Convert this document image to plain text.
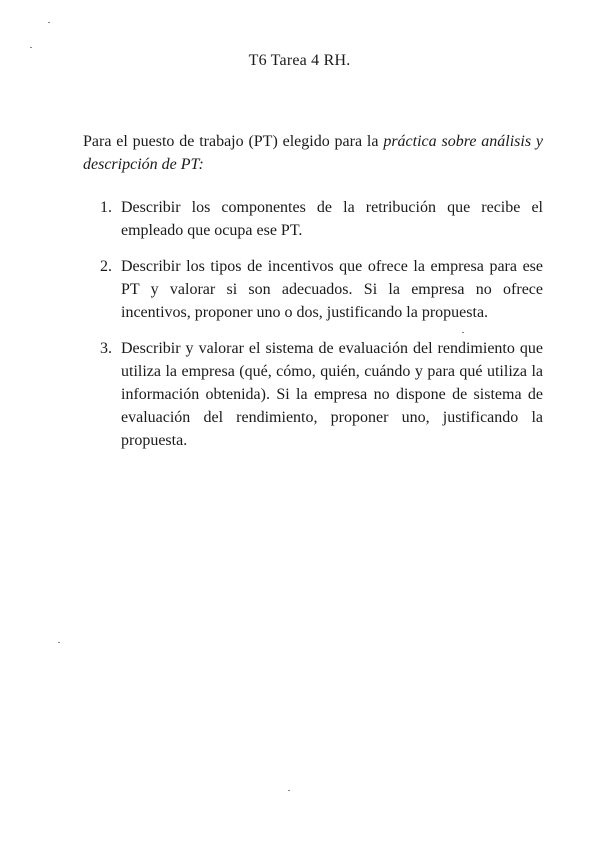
T6 Tarea 4 RH.

Para el puesto de trabajo (PT) elegido para la práctica sobre análisis y descripción de PT:

1. Describir los componentes de la retribución que recibe el empleado que ocupa ese PT.
2. Describir los tipos de incentivos que ofrece la empresa para ese PT y valorar si son adecuados. Si la empresa no ofrece incentivos, proponer uno o dos, justificando la propuesta.
3. Describir y valorar el sistema de evaluación del rendimiento que utiliza la empresa (qué, cómo, quién, cuándo y para qué utiliza la información obtenida). Si la empresa no dispone de sistema de evaluación del rendimiento, proponer uno, justificando la propuesta.
